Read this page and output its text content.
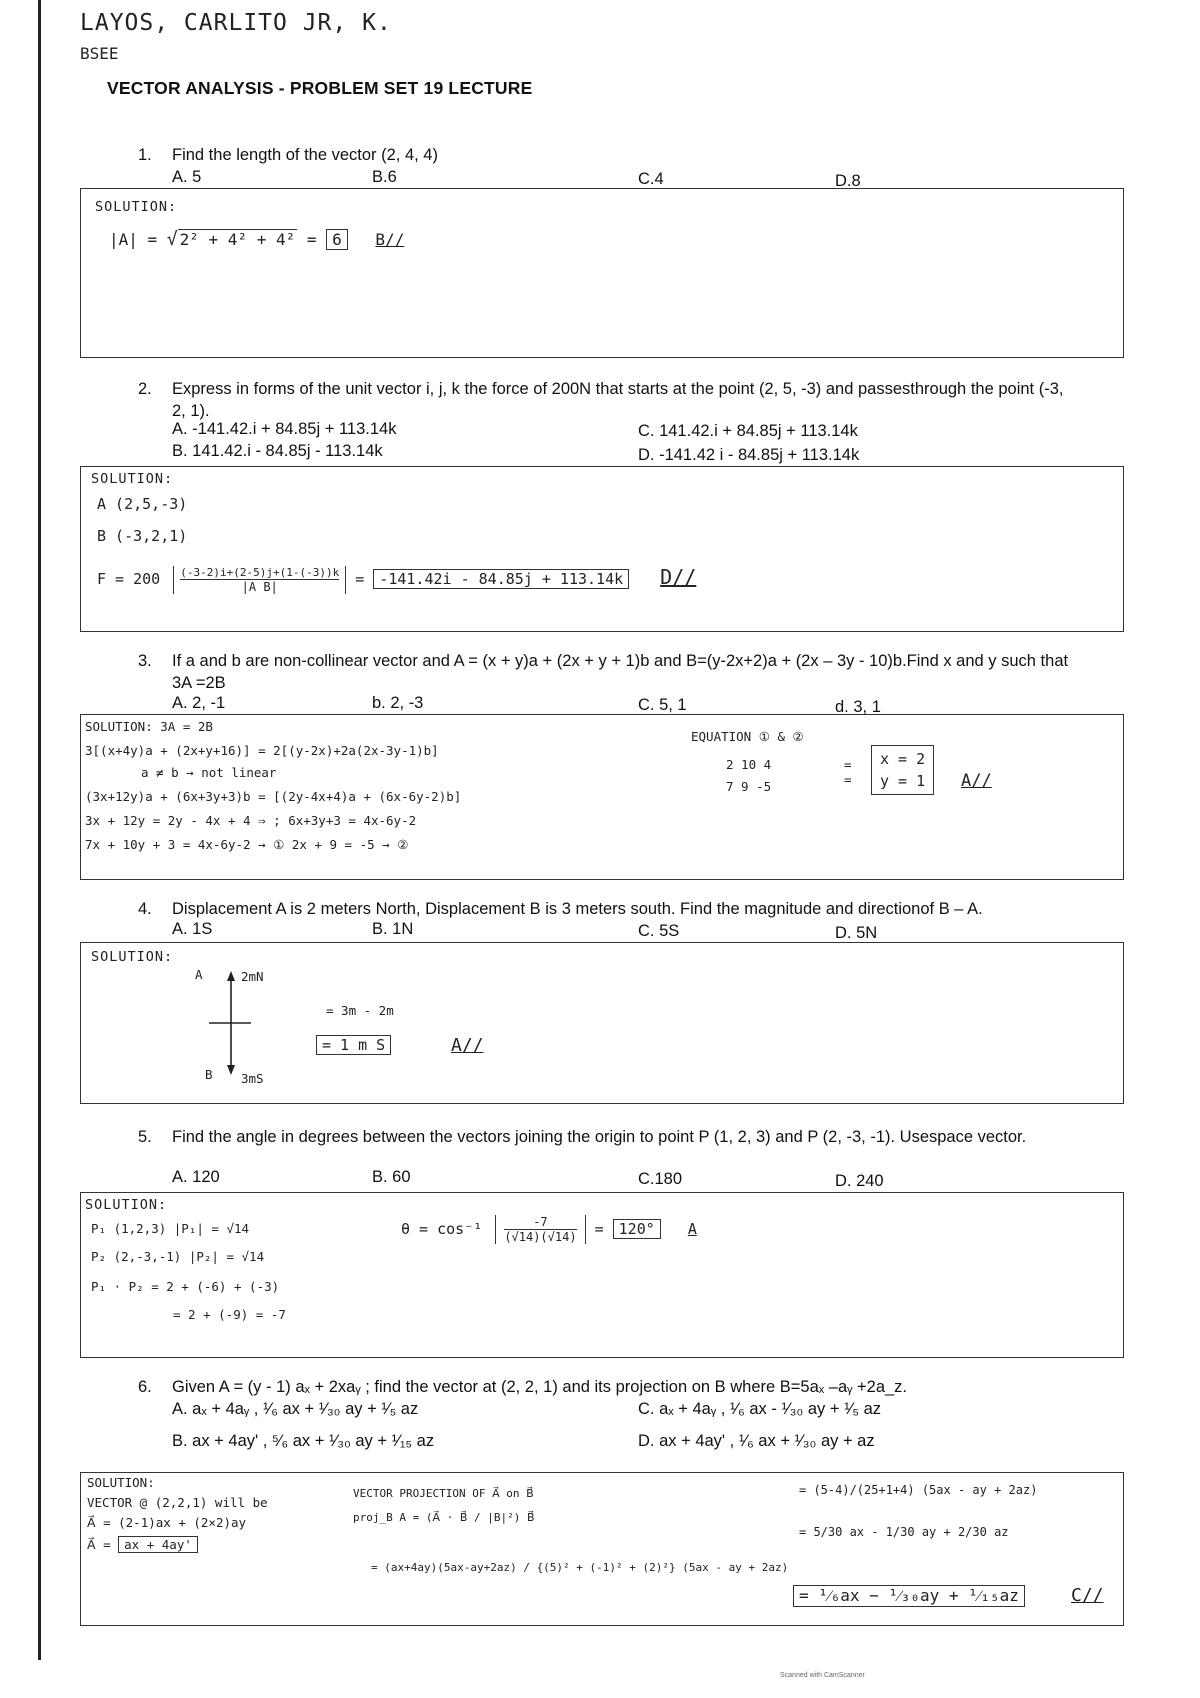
LAYOS, CARLITO JR, K.
BSEE
VECTOR ANALYSIS - PROBLEM SET 19 LECTURE
1. Find the length of the vector (2, 4, 4)
A. 5	B.6	C.4	D.8
SOLUTION:
|A| = √ 2² + 4² + 4² = 6 B//
2. Express in forms of the unit vector i, j, k the force of 200N that starts at the point (2, 5, -3) and passesthrough the point (-3, 2, 1).
A. -141.42.i + 84.85j + 113.14k
B. 141.42.i - 84.85j - 113.14k
C. 141.42.i + 84.85j + 113.14k
D. -141.42 i - 84.85j + 113.14k
SOLUTION:
A (2,5,-3)
B (-3,2,1)
$F = 200 \frac{(-3-2)i+(2-5)j+(1-(-3))k}{\text{|A B|}} = -141.42i - 84.85j + 113.14k$ D//
3. If a and b are non-collinear vector and A = (x + y)a + (2x + y + 1)b and B=(y-2x+2)a + (2x – 3y - 10)b.Find x and y such that 3A =2B
A. 2, -1	b. 2, -3	C. 5, 1	d. 3, 1
SOLUTION: 3A = 2B
3[(x+4y)a + (2x+y+16)] = 2[(y-2x)+2a(2x-3y-1)b]
a ≠ b → not linear
(3x+12y)a + (6x+3y+3)b = [(2y-4x+4)a + (6x-6y-2)b]
3x + 12y = 2y - 4x + 4 ⇒ ; 6x+3y+3 = 4x-6y-2
7x + 10y + 3 = 4x-6y-2 → ① 2x + 9 = -5 → ②
EQUATION ① & ②
2 10 4
7 9 -5
=
=
x = 2
y = 1 A//
4. Displacement A is 2 meters North, Displacement B is 3 meters south. Find the magnitude and directionof B – A.
A. 1S	B. 1N	C. 5S	D. 5N
SOLUTION:
A	2mN
B 3mS
= 3m - 2m
= 1 m S	A//
5. Find the angle in degrees between the vectors joining the origin to point P (1, 2, 3) and P (2, -3, -1). Usespace vector.
A. 120	B. 60	C.180	D. 240
SOLUTION:
P₁ (1,2,3) |P₁| = √14
P₂ (2,-3,-1) |P₂| = √14
P₁ · P₂ = 2 + (-6) + (-3)
= 2 + (-9) = -7
$\theta = \cos^{-1} \frac{-7}{(√14)(√14)} = 120^\circ$ A
6. Given A = (y - 1) aₓ + 2xaᵧ ; find the vector at (2, 2, 1) and its projection on B where B=5aₓ –aᵧ +2a_z.
A. aₓ + 4aᵧ , ¹⁄₆ ax + ¹⁄₃₀ ay + ¹⁄₅ az
B. ax + 4ay' , ⁵⁄₆ ax + ¹⁄₃₀ ay + ¹⁄₁₅ az
C. aₓ + 4aᵧ , ¹⁄₆ ax - ¹⁄₃₀ ay + ¹⁄₅ az
D. ax + 4ay' , ¹⁄₆ ax + ¹⁄₃₀ ay + az
SOLUTION:
VECTOR @ (2,2,1) will be
A⃗ = (2-1)ax + (2×2)ay
A⃗ = ax + 4ay'
VECTOR PROJECTION OF A⃗ on B⃗
proj_B A = (A⃗ · B⃗ / |B|²) B⃗
= (ax+4ay)(5ax-ay+2az) / {(5)² + (-1)² + (2)²} (5ax - ay + 2az)
= (5-4)/(25+1+4) (5ax - ay + 2az)
= 5/30 ax - 1/30 ay + 2/30 az
= ¹⁄₆ax − ¹⁄₃₀ay + ¹⁄₁₅az	C//
Scanned with CamScanner
